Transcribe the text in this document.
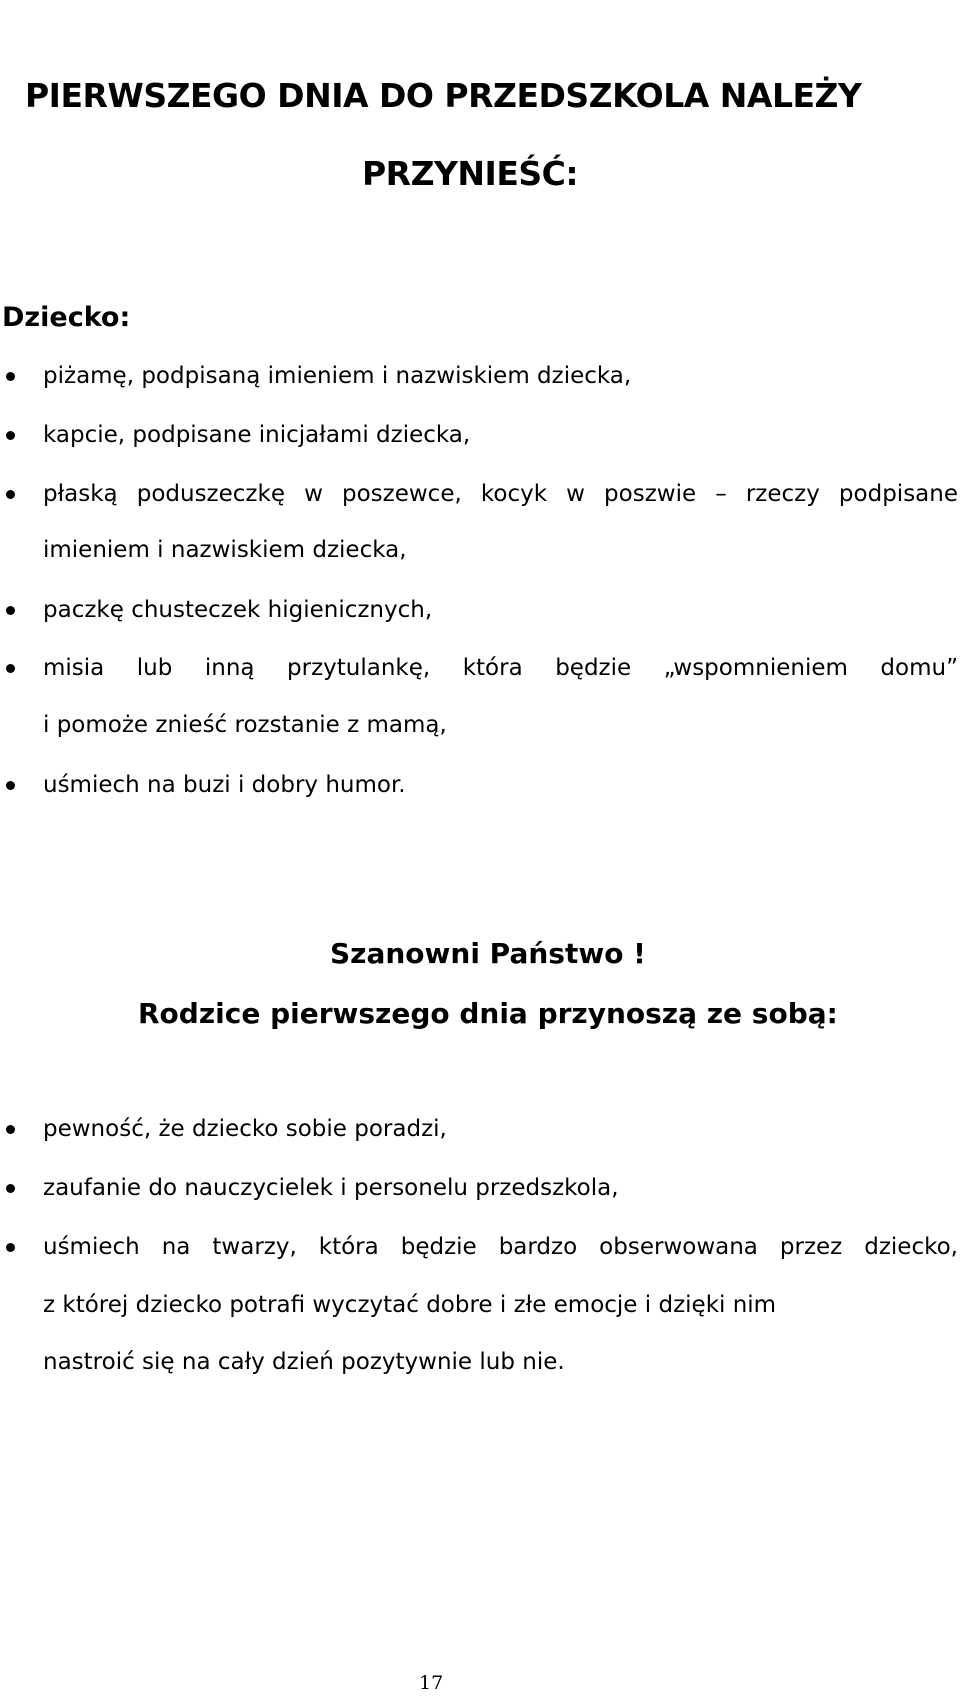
PIERWSZEGO DNIA DO PRZEDSZKOLA NALEŻY
PRZYNIEŚĆ:
Dziecko:
piżamę, podpisaną imieniem i nazwiskiem dziecka,
kapcie, podpisane inicjałami dziecka,
płaską poduszeczkę w poszewce, kocyk w poszwie – rzeczy podpisane
imieniem i nazwiskiem dziecka,
paczkę chusteczek higienicznych,
misia lub inną przytulankę, która będzie „wspomnieniem domu”
i pomoże znieść rozstanie z mamą,
uśmiech na buzi i dobry humor.
Szanowni Państwo !
Rodzice pierwszego dnia przynoszą ze sobą:
pewność, że dziecko sobie poradzi,
zaufanie do nauczycielek i personelu przedszkola,
uśmiech na twarzy, która będzie bardzo obserwowana przez dziecko,
z której dziecko potrafi wyczytać dobre i złe emocje i dzięki nim
nastroić się na cały dzień pozytywnie lub nie.
17
